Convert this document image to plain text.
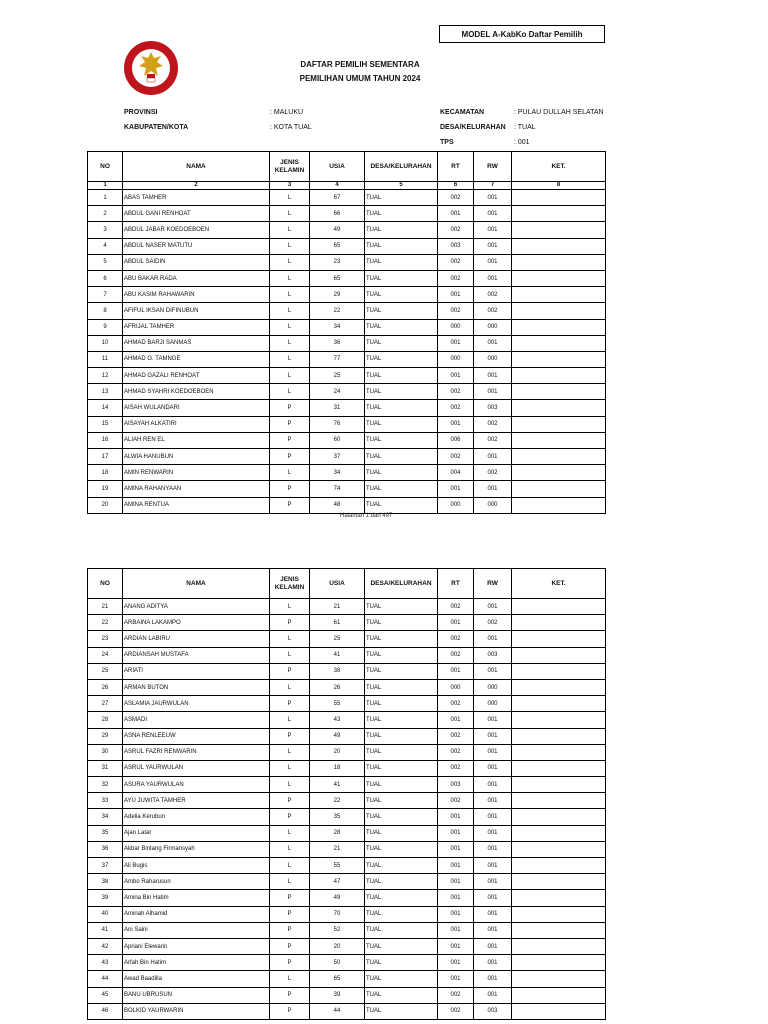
MODEL A-KabKo Daftar Pemilih
DAFTAR PEMILIH SEMENTARA
PEMILIHAN UMUM TAHUN 2024
PROVINSI	: MALUKU
KABUPATEN/KOTA	: KOTA TUAL
KECAMATAN	: PULAU DULLAH SELATAN
DESA/KELURAHAN : TUAL
TPS	: 001
NO	NAMA	JENIS
KELAMIN	USIA	DESA/KELURAHAN	RT	RW	KET.
1	2	3	4	5	6	7	8
1	ABAS TAMHER	L	67	TUAL	002	001	
2	ABDUL GANI RENHOAT	L	66	TUAL	001	001	
3	ABDUL JABAR KOEDOEBOEN	L	49	TUAL	002	001	
4	ABDUL NASER MATUTU	L	65	TUAL	003	001	
5	ABDUL SAIDIN	L	23	TUAL	002	001	
6	ABU BAKAR RADA	L	65	TUAL	002	001	
7	ABU KASIM RAHAWARIN	L	29	TUAL	001	002	
8	AFIFUL IKSAN DIFINUBUN	L	22	TUAL	002	002	
9	AFRIJAL TAMHER	L	34	TUAL	000	000	
10	AHMAD BARJI SANMAS	L	36	TUAL	001	001	
11	AHMAD G. TAMNGE	L	77	TUAL	000	000	
12	AHMAD GAZALI RENHOAT	L	25	TUAL	001	001	
13	AHMAD SYAHRI KOEDOEBOEN	L	24	TUAL	002	001	
14	AISAH WULANDARI	P	31	TUAL	002	003	
15	AISAYAH ALKATIRI	P	76	TUAL	001	002	
16	ALIAH REN EL	P	60	TUAL	006	002	
17	ALWIA HANUBUN	P	37	TUAL	002	001	
18	AMIN RENWARIN	L	34	TUAL	004	002	
19	AMINA RAHANYAAN	P	74	TUAL	001	001	
20	AMINA RENTUA	P	48	TUAL	000	000	
Halaman 1 dari 497
NO	NAMA	JENIS
KELAMIN	USIA	DESA/KELURAHAN	RT	RW	KET.
21	ANANG ADITYA	L	21	TUAL	002	001	
22	ARBAINA LAKAMPO	P	61	TUAL	001	002	
23	ARDIAN LABIRU	L	25	TUAL	002	001	
24	ARDIANSAH MUSTAFA	L	41	TUAL	002	003	
25	ARIATI	P	38	TUAL	001	001	
26	ARMAN BUTON	L	26	TUAL	000	000	
27	ASLAMIA JAURWULAN	P	55	TUAL	002	000	
28	ASMADI	L	43	TUAL	001	001	
29	ASNA RENLEEUW	P	49	TUAL	002	001	
30	ASRUL FAZRI RENWARIN	L	20	TUAL	002	001	
31	ASRUL YAURWULAN	L	18	TUAL	002	001	
32	ASURA YAURWULAN	L	41	TUAL	003	001	
33	AYU JUWITA TAMHER	P	22	TUAL	002	001	
34	Adelia Kerubun	P	35	TUAL	001	001	
35	Ajan Latar	L	28	TUAL	001	001	
36	Akbar Bintang Firmansyah	L	21	TUAL	001	001	
37	Ali Bugis	L	55	TUAL	001	001	
38	Ambo Raharusun	L	47	TUAL	001	001	
39	Amina Bin Hatim	P	49	TUAL	001	001	
40	Aminah Alhamid	P	70	TUAL	001	001	
41	Ani Saini	P	52	TUAL	001	001	
42	Apriani Elewarin	P	20	TUAL	001	001	
43	Arfah Bin Hatim	P	50	TUAL	001	001	
44	Awad Baadilla	L	65	TUAL	001	001	
45	BANU UBRUSUN	P	39	TUAL	002	001	
46	BOLKID YAURWARIN	P	44	TUAL	002	003	
